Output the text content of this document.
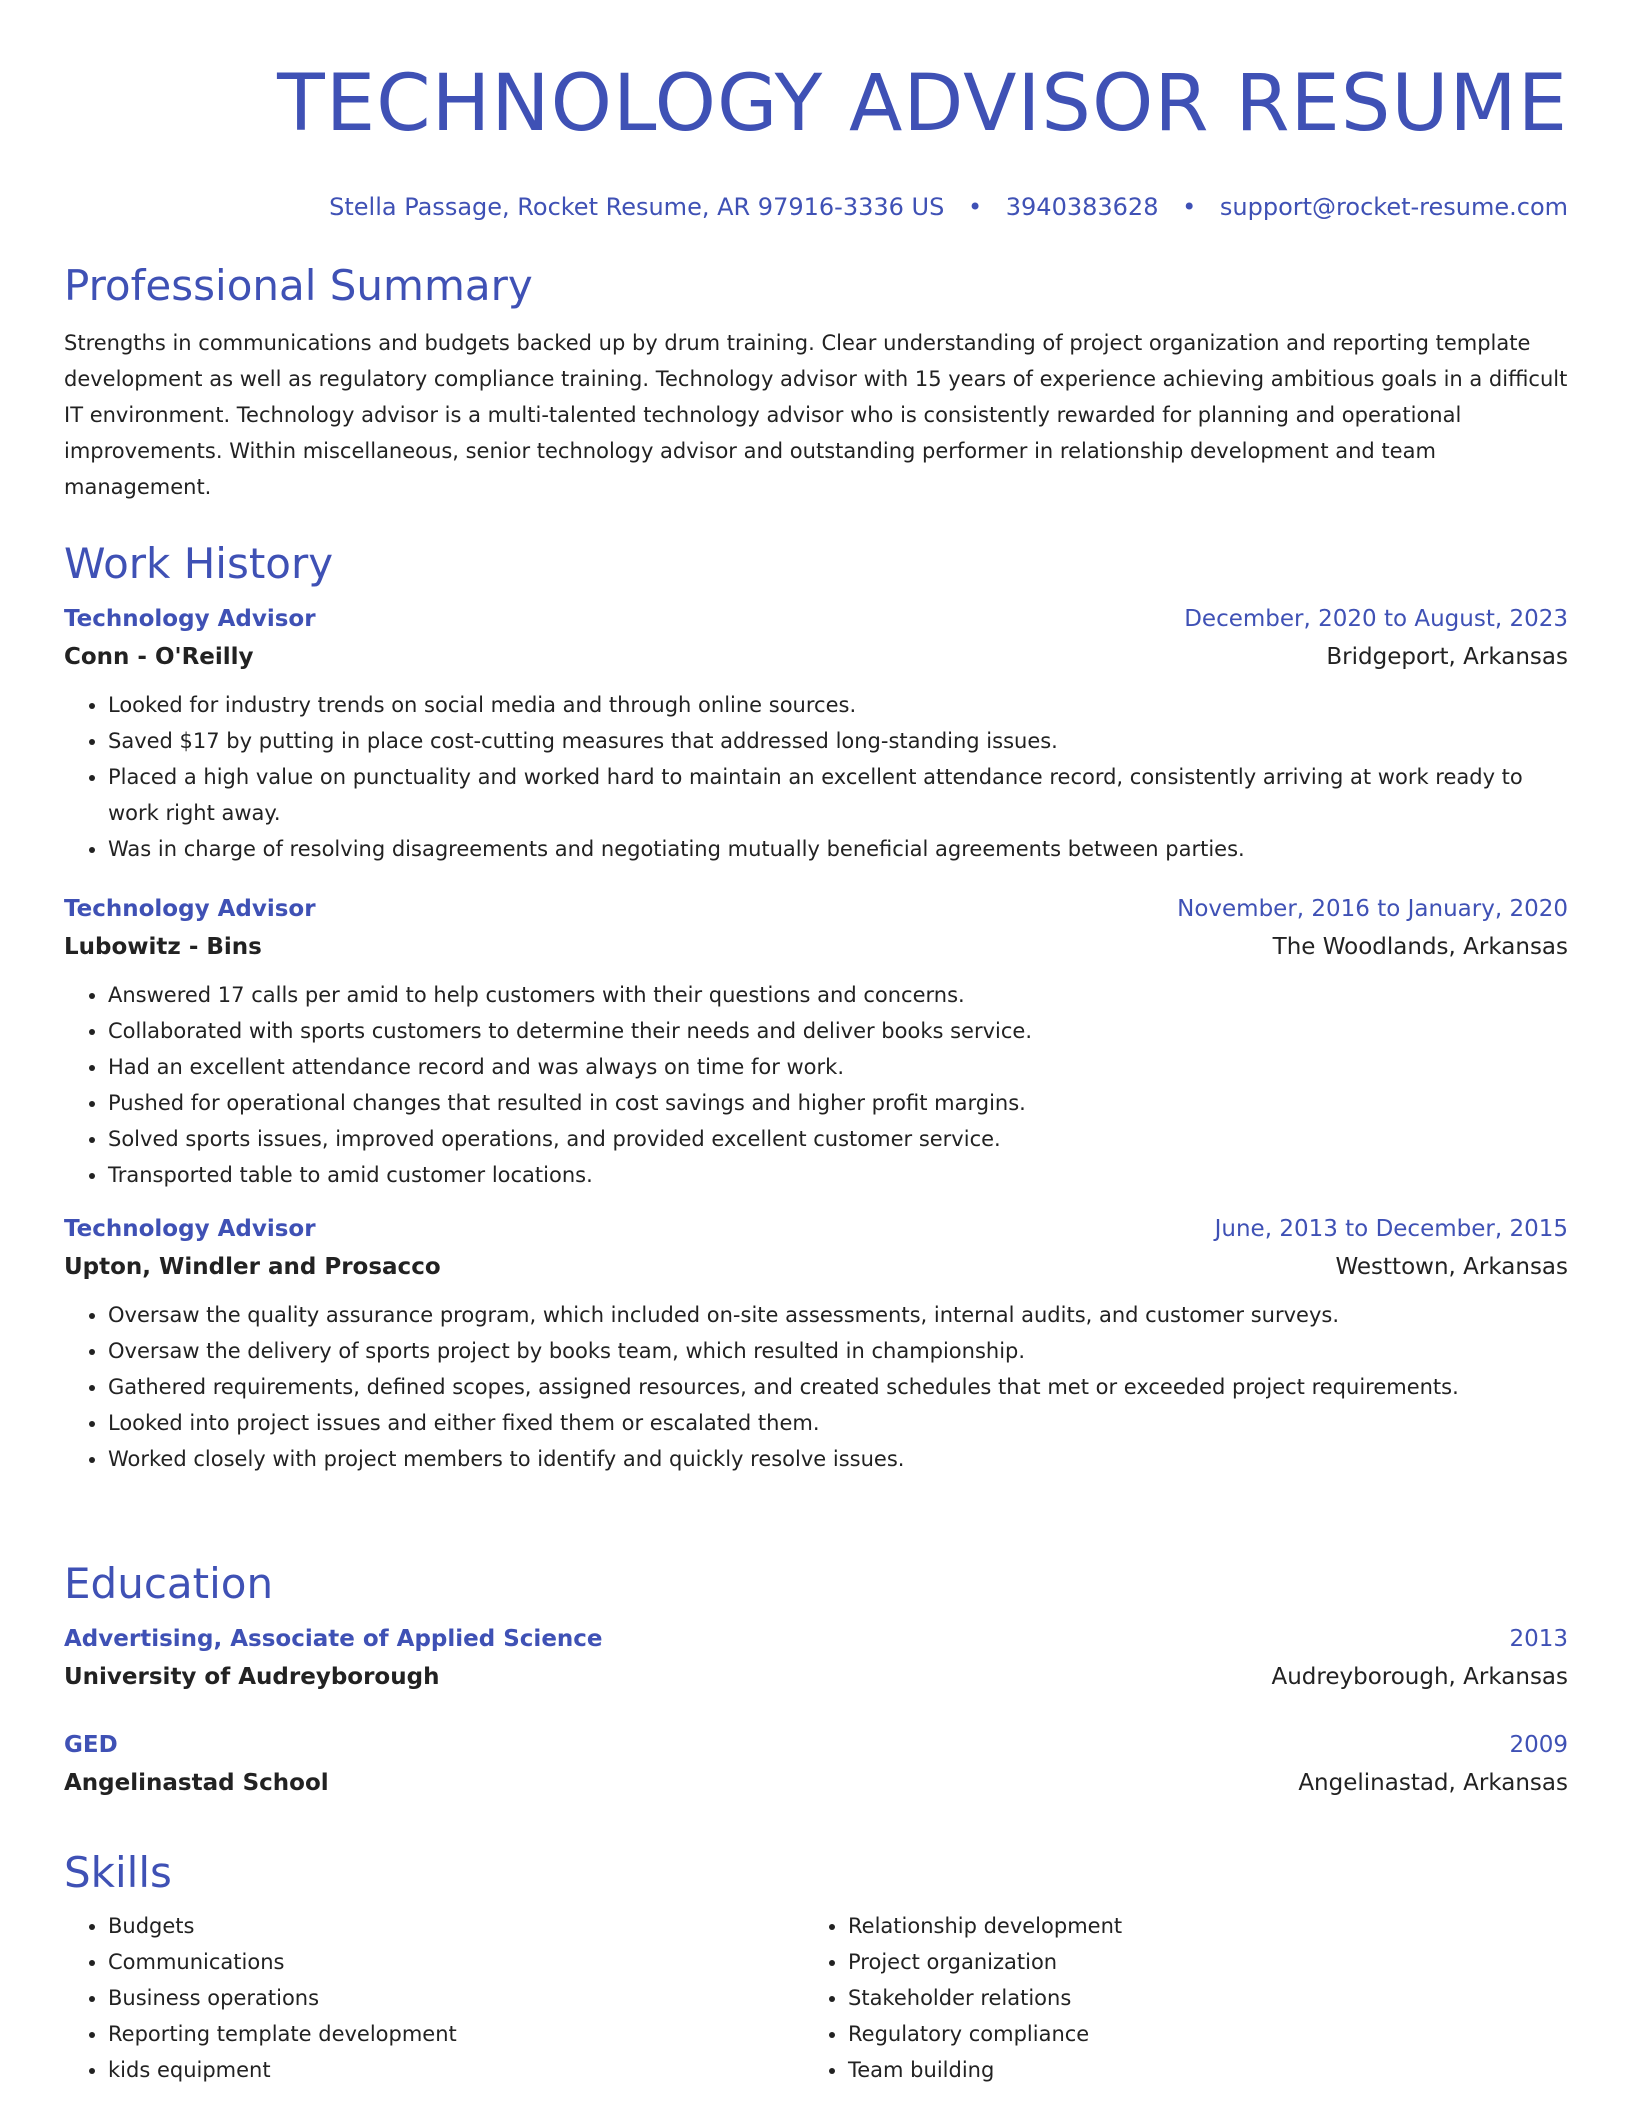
TECHNOLOGY ADVISOR RESUME
Stella Passage, Rocket Resume, AR 97916-3336 US • 3940383628 • support@rocket-resume.com
Professional Summary

Strengths in communications and budgets backed up by drum training. Clear understanding of project organization and reporting template development as well as regulatory compliance training. Technology advisor with 15 years of experience achieving ambitious goals in a difficult IT environment. Technology advisor is a multi-talented technology advisor who is consistently rewarded for planning and operational improvements. Within miscellaneous, senior technology advisor and outstanding performer in relationship development and team management.

Work History
Technology Advisor	December, 2020 to August, 2023
Conn - O'Reilly	Bridgeport, Arkansas
• Looked for industry trends on social media and through online sources.
• Saved $17 by putting in place cost-cutting measures that addressed long-standing issues.
• Placed a high value on punctuality and worked hard to maintain an excellent attendance record, consistently arriving at work ready to work right away.
• Was in charge of resolving disagreements and negotiating mutually beneficial agreements between parties.
Technology Advisor	November, 2016 to January, 2020
Lubowitz - Bins	The Woodlands, Arkansas
• Answered 17 calls per amid to help customers with their questions and concerns.
• Collaborated with sports customers to determine their needs and deliver books service.
• Had an excellent attendance record and was always on time for work.
• Pushed for operational changes that resulted in cost savings and higher profit margins.
• Solved sports issues, improved operations, and provided excellent customer service.
• Transported table to amid customer locations.
Technology Advisor	June, 2013 to December, 2015
Upton, Windler and Prosacco	Westtown, Arkansas
• Oversaw the quality assurance program, which included on-site assessments, internal audits, and customer surveys.
• Oversaw the delivery of sports project by books team, which resulted in championship.
• Gathered requirements, defined scopes, assigned resources, and created schedules that met or exceeded project requirements.
• Looked into project issues and either fixed them or escalated them.
• Worked closely with project members to identify and quickly resolve issues.
Education
Advertising, Associate of Applied Science	2013
University of Audreyborough	Audreyborough, Arkansas
GED	2009
Angelinastad School	Angelinastad, Arkansas
Skills
• Budgets
• Communications
• Business operations
• Reporting template development
• kids equipment
• Relationship development
• Project organization
• Stakeholder relations
• Regulatory compliance
• Team building
